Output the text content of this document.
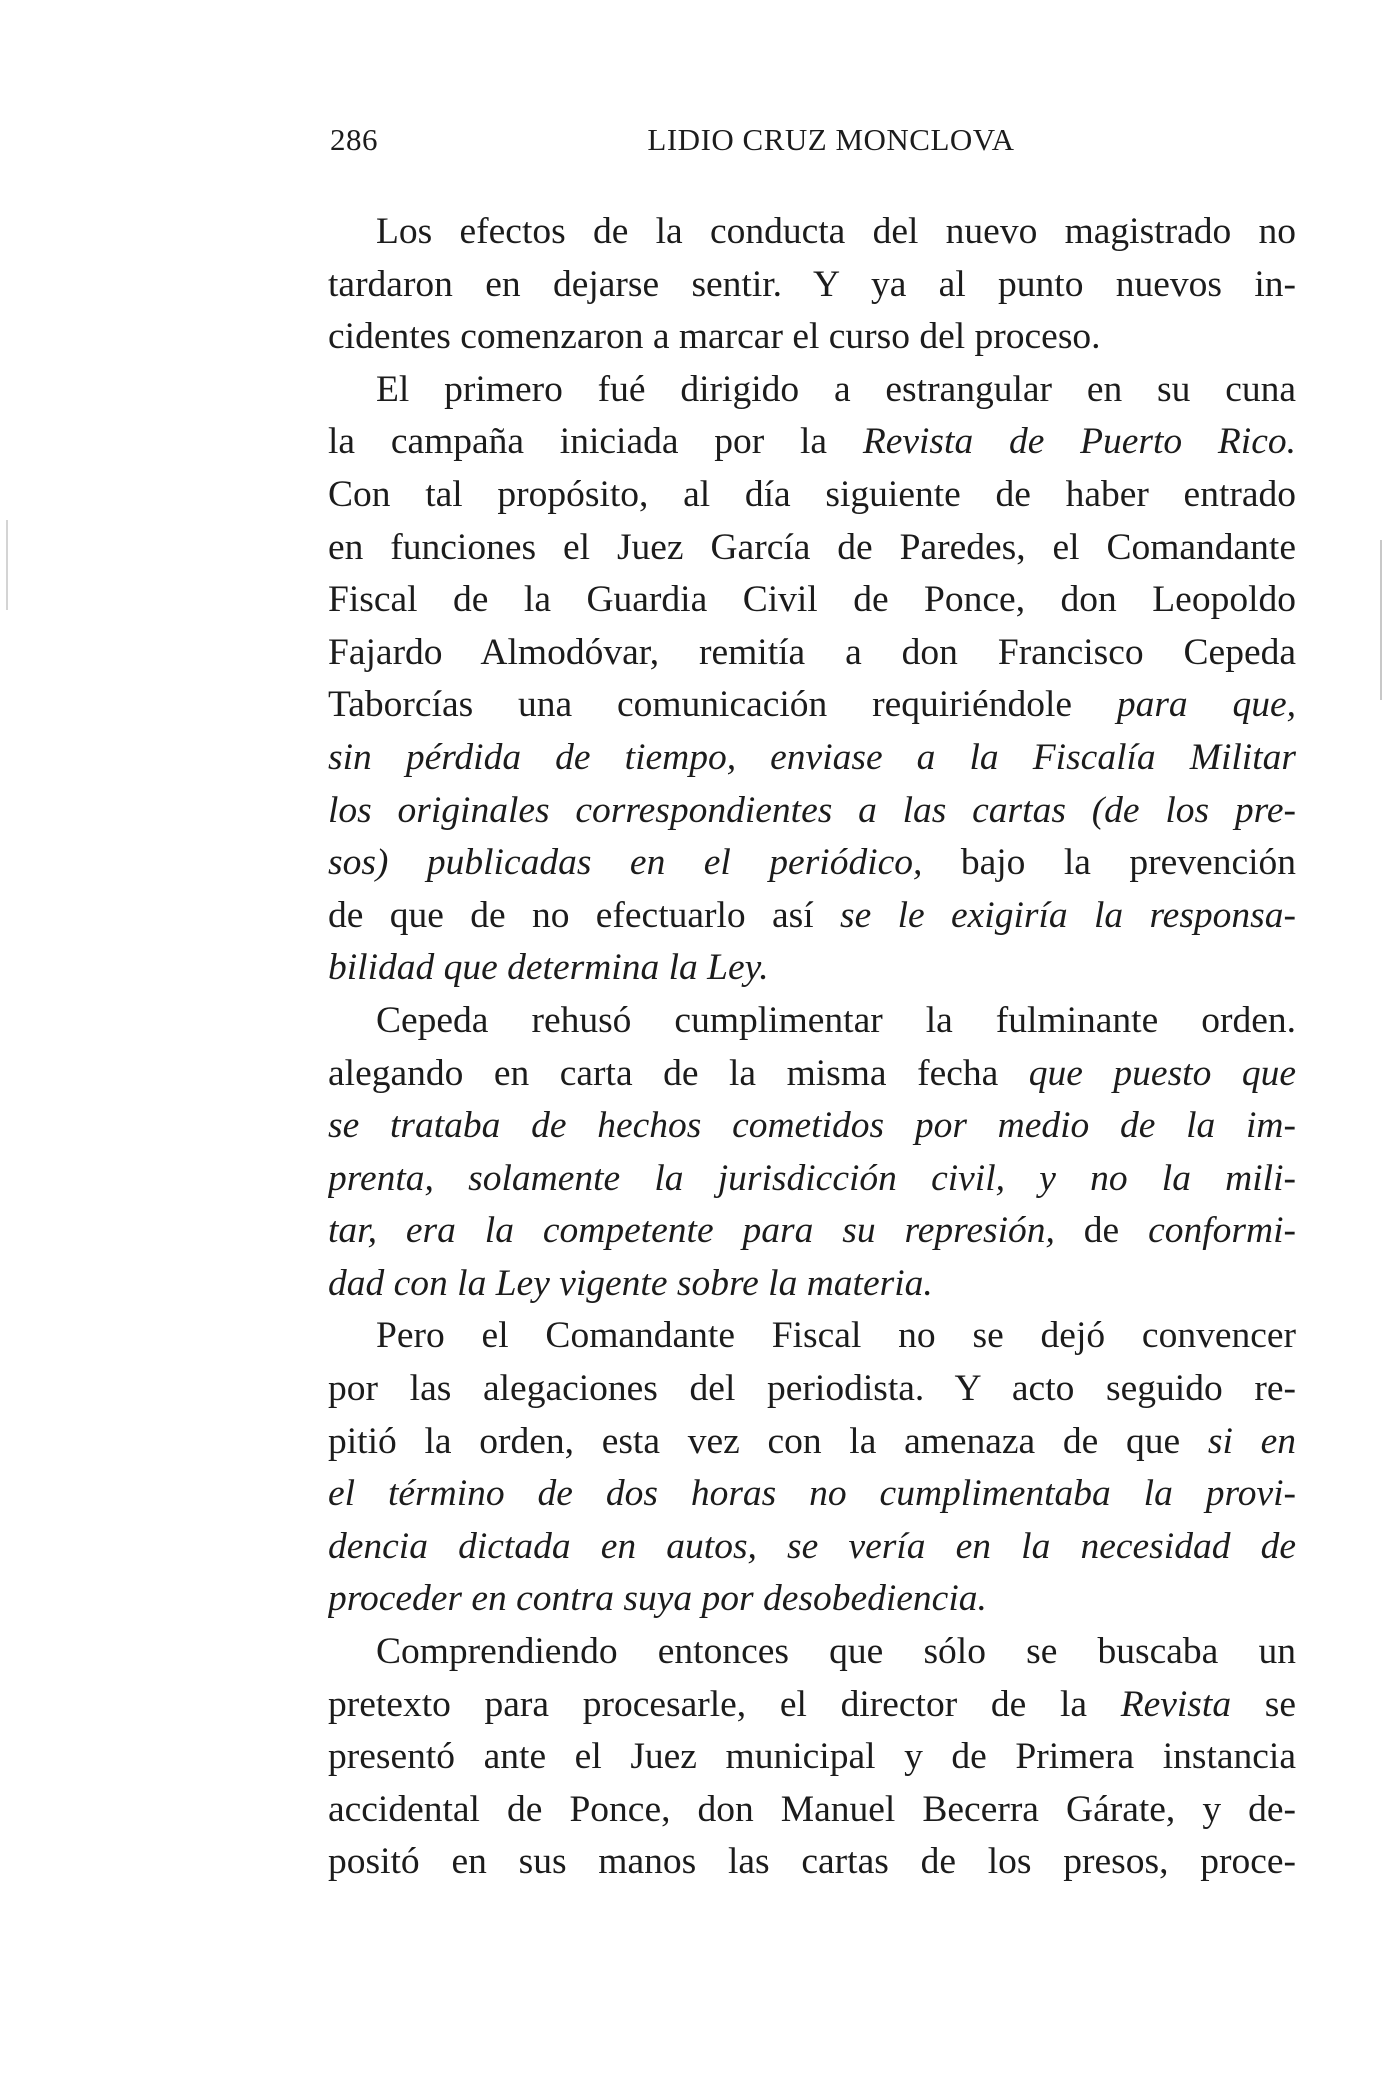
286	LIDIO CRUZ MONCLOVA
Los efectos de la conducta del nuevo magistrado no
tardaron en dejarse sentir. Y ya al punto nuevos in-
cidentes comenzaron a marcar el curso del proceso.
El primero fué dirigido a estrangular en su cuna
la campaña iniciada por la Revista de Puerto Rico.
Con tal propósito, al día siguiente de haber entrado
en funciones el Juez García de Paredes, el Comandante
Fiscal de la Guardia Civil de Ponce, don Leopoldo
Fajardo Almodóvar, remitía a don Francisco Cepeda
Taborcías una comunicación requiriéndole para que,
sin pérdida de tiempo, enviase a la Fiscalía Militar
los originales correspondientes a las cartas (de los pre-
sos) publicadas en el periódico, bajo la prevención
de que de no efectuarlo así se le exigiría la responsa-
bilidad que determina la Ley.
Cepeda rehusó cumplimentar la fulminante orden.
alegando en carta de la misma fecha que puesto que
se trataba de hechos cometidos por medio de la im-
prenta, solamente la jurisdicción civil, y no la mili-
tar, era la competente para su represión, de conformi-
dad con la Ley vigente sobre la materia.
Pero el Comandante Fiscal no se dejó convencer
por las alegaciones del periodista. Y acto seguido re-
pitió la orden, esta vez con la amenaza de que si en
el término de dos horas no cumplimentaba la provi-
dencia dictada en autos, se vería en la necesidad de
proceder en contra suya por desobediencia.
Comprendiendo entonces que sólo se buscaba un
pretexto para procesarle, el director de la Revista se
presentó ante el Juez municipal y de Primera instancia
accidental de Ponce, don Manuel Becerra Gárate, y de-
positó en sus manos las cartas de los presos, proce-
